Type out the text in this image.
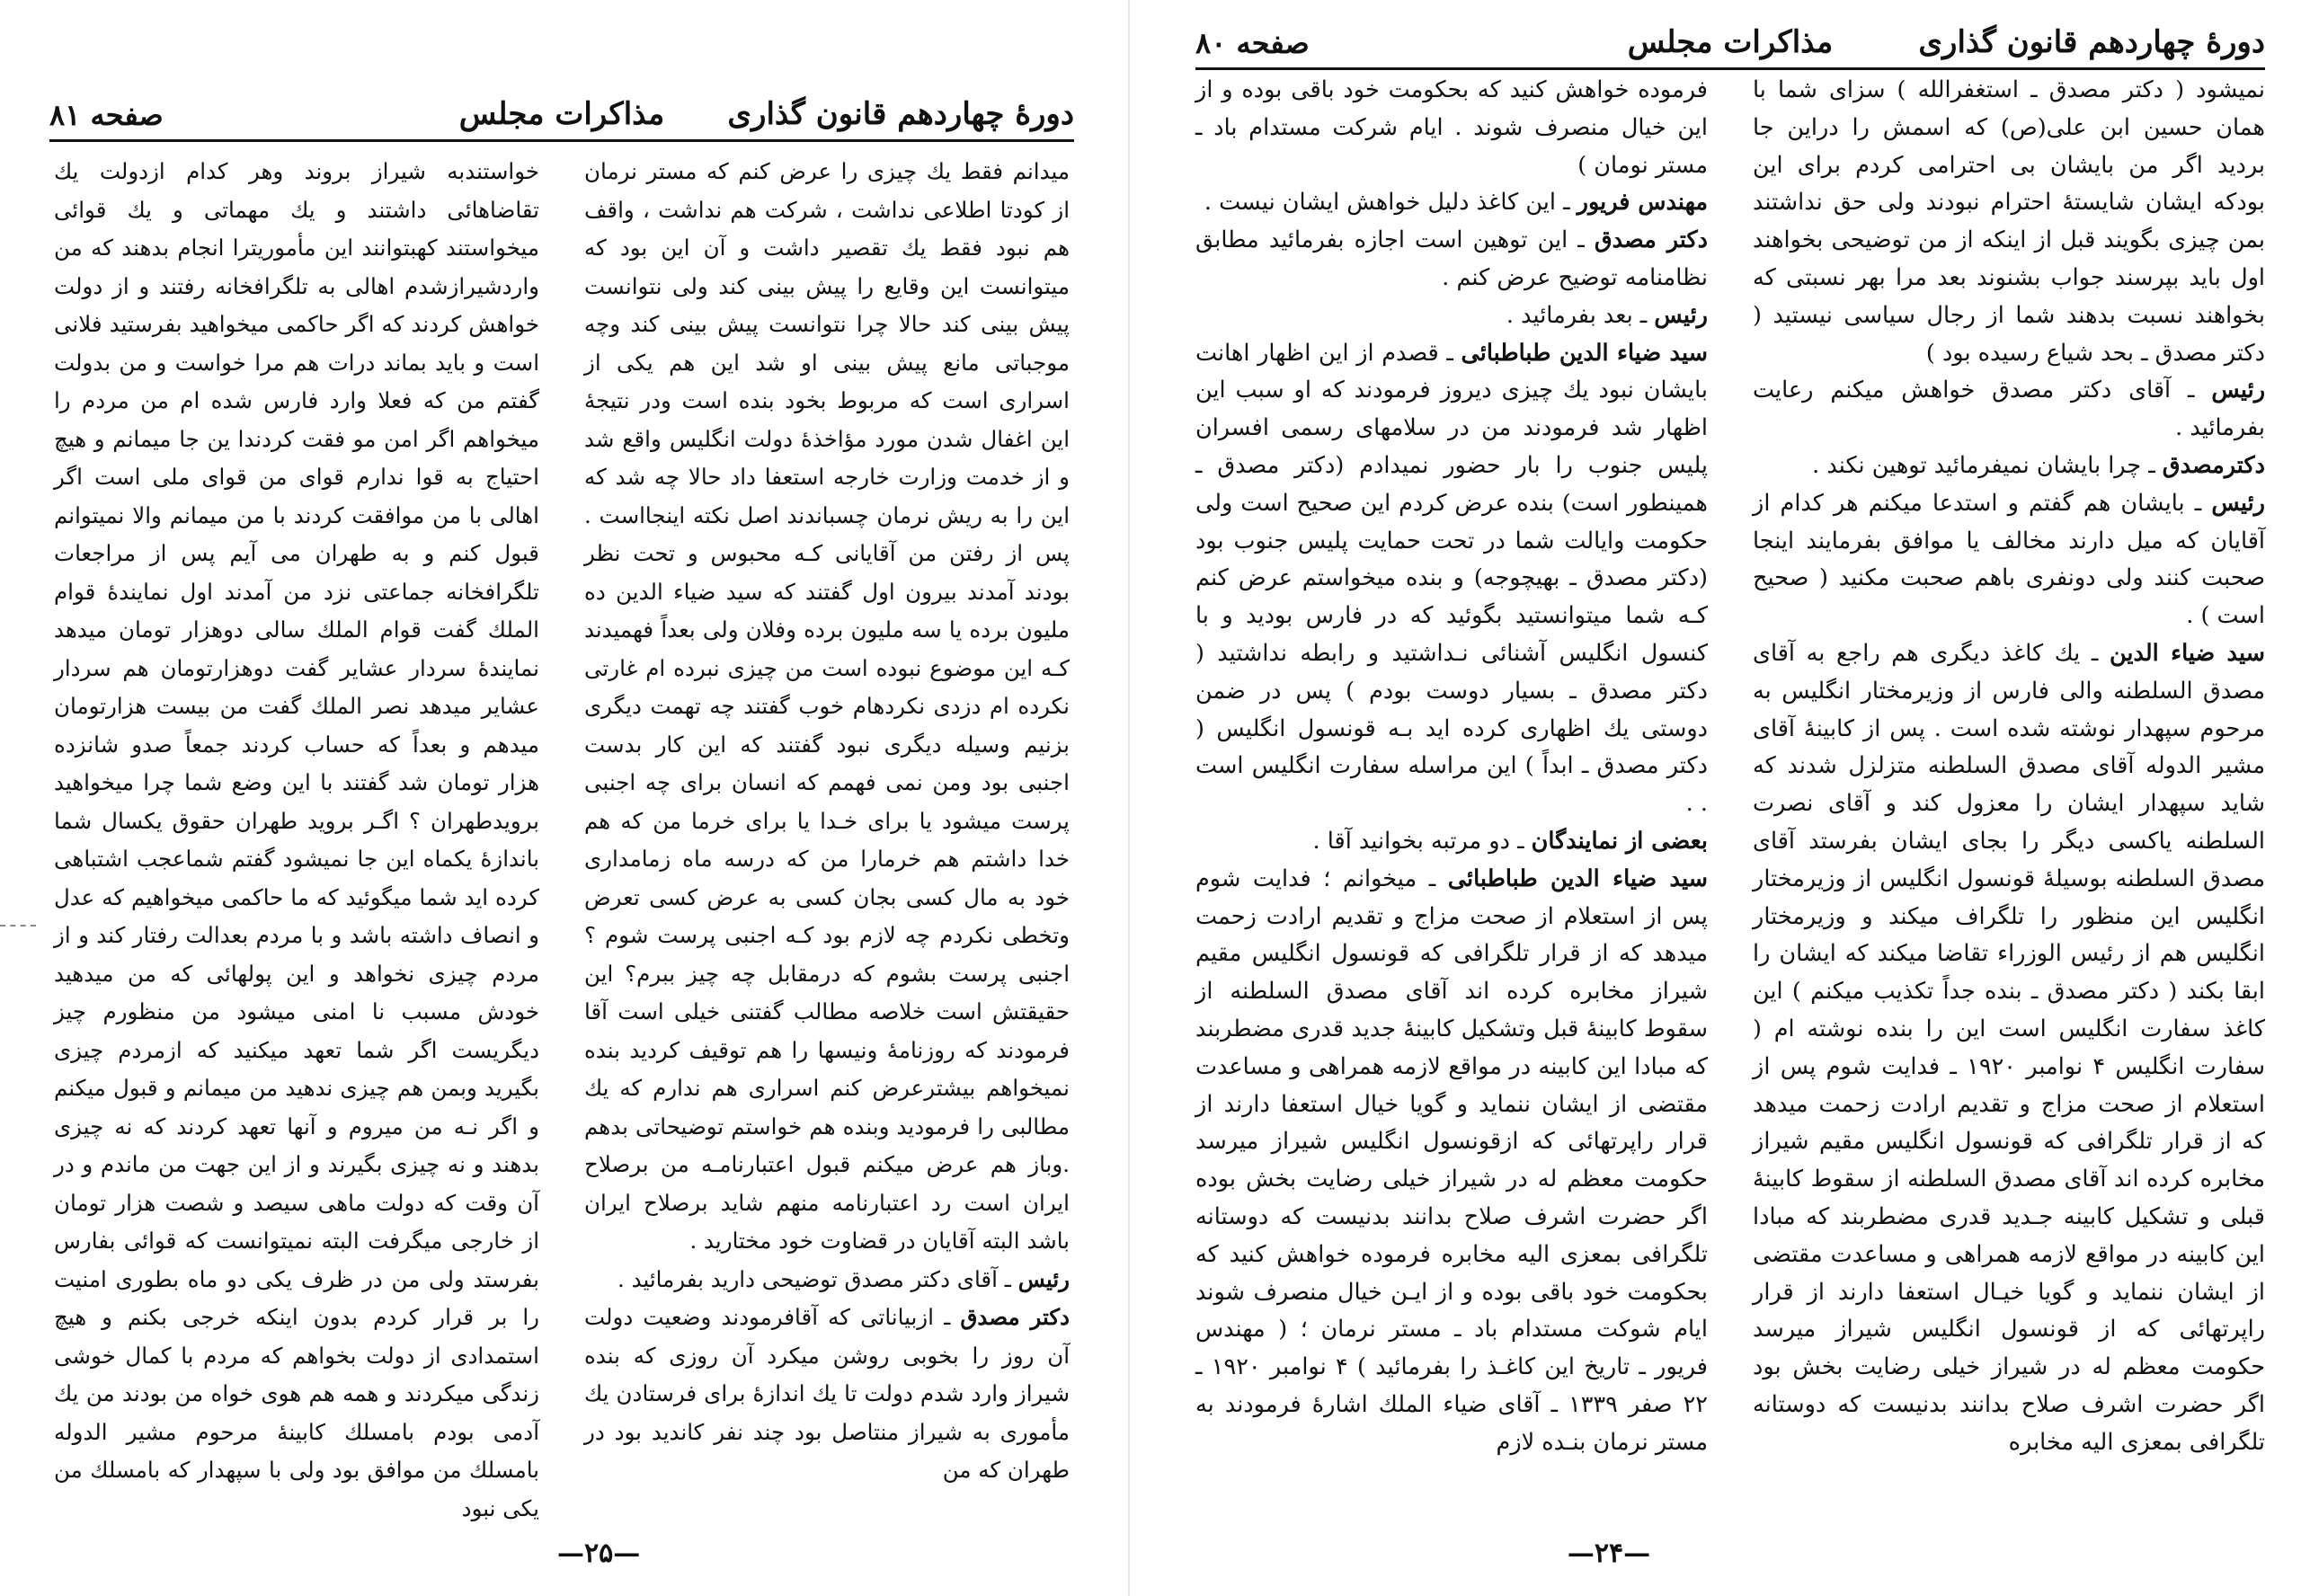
دورهٔ چهاردهم قانون گذاری
مذاکرات مجلس
صفحه ۸۱

میدانم فقط یك چیزی را عرض کنم که مستر نرمان از کودتا اطلاعی نداشت ، شرکت هم نداشت ، واقف هم نبود فقط یك تقصیر داشت و آن این بود که میتوانست این وقایع را پیش بینی کند ولی نتوانست پیش بینی کند حالا چرا نتوانست پیش بینی کند وچه موجباتی مانع پیش بینی او شد این هم یکی از اسراری است که مربوط بخود بنده است ودر نتیجهٔ این اغفال شدن مورد مؤاخذهٔ دولت انگلیس واقع شد و از خدمت وزارت خارجه استعفا داد حالا چه شد که این را به ریش نرمان چسباندند اصل نکته اینجااست . پس از رفتن من آقایانی کـه محبوس و تحت نظر بودند آمدند بیرون اول گفتند که سید ضیاء الدین ده ملیون برده یا سه ملیون برده وفلان ولی بعداً فهمیدند کـه این موضوع نبوده است من چیزی نبرده ام غارتی نکرده ام دزدی نکردهام خوب گفتند چه تهمت دیگری بزنیم وسیله دیگری نبود گفتند که این کار بدست اجنبی بود ومن نمی فهمم که انسان برای چه اجنبی پرست میشود یا برای خـدا یا برای خرما من که هم خدا داشتم هم خرمارا من که درسه ماه زمامداری خود به مال کسی بجان کسی به عرض کسی تعرض وتخطی نکردم چه لازم بود کـه اجنبی پرست شوم ؟ اجنبی پرست بشوم که درمقابل چه چیز ببرم؟ این حقیقتش است خلاصه مطالب گفتنی خیلی است آقا فرمودند که روزنامهٔ ونیسها را هم توقیف کردید بنده نمیخواهم بیشترعرض کنم اسراری هم ندارم که یك مطالبی را فرمودید وبنده هم خواستم توضیحاتی بدهم .وباز هم عرض میکنم قبول اعتبارنامـه من برصلاح ایران است رد اعتبارنامه منهم شاید برصلاح ایران باشد البته آقایان در قضاوت خود مختارید .

رئیس ـ آقای دکتر مصدق توضیحی دارید بفرمائید .

دکتر مصدق ـ ازبیاناتی که آقافرمودند وضعیت دولت آن روز را بخوبی روشن میکرد آن روزی که بنده شیراز وارد شدم دولت تا یك اندازهٔ برای فرستادن یك مأموری به شیراز منتاصل بود چند نفر کاندید بود در طهران که من

خواستندبه شیراز بروند وهر کدام ازدولت یك تقاضاهائی داشتند و یك مهماتی و یك قوائی میخواستند کهبتوانند این مأموریترا انجام بدهند که من واردشیرازشدم اهالی به تلگرافخانه رفتند و از دولت خواهش کردند که اگر حاکمی میخواهید بفرستید فلانی است و باید بماند درات هم مرا خواست و من بدولت گفتم من که فعلا وارد فارس شده ام من مردم را میخواهم اگر امن مو فقت کردندا ین جا میمانم و هیچ احتیاج به قوا ندارم قوای من قوای ملی است اگر اهالی با من موافقت کردند با من میمانم والا نمیتوانم قبول کنم و به طهران می آیم پس از مراجعات تلگرافخانه جماعتی نزد من آمدند اول نمایندهٔ قوام الملك گفت قوام الملك سالی دوهزار تومان میدهد نمایندهٔ سردار عشایر گفت دوهزارتومان هم سردار عشایر میدهد نصر الملك گفت من بیست هزارتومان میدهم و بعداً که حساب کردند جمعاً صدو شانزده هزار تومان شد گفتند با این وضع شما چرا میخواهید برویدطهران ؟ اگـر بروید طهران حقوق یکسال شما باندازهٔ یکماه این جا نمیشود گفتم شماعجب اشتباهی کرده اید شما میگوئید که ما حاکمی میخواهیم که عدل و انصاف داشته باشد و با مردم بعدالت رفتار کند و از مردم چیزی نخواهد و این پولهائی که من میدهید خودش مسبب نا امنی میشود من منظورم چیز دیگریست اگر شما تعهد میکنید که ازمردم چیزی بگیرید وبمن هم چیزی ندهید من میمانم و قبول میکنم و اگر نـه من میروم و آنها تعهد کردند که نه چیزی بدهند و نه چیزی بگیرند و از این جهت من ماندم و در آن وقت که دولت ماهی سیصد و شصت هزار تومان از خارجی میگرفت البته نمیتوانست که قوائی بفارس بفرستد ولی من در ظرف یکی دو ماه بطوری امنیت را بر قرار کردم بدون اینکه خرجی بکنم و هیچ استمدادی از دولت بخواهم که مردم با کمال خوشی زندگی میکردند و همه هم هوی خواه من بودند من یك آدمی بودم بامسلك کابینهٔ مرحوم مشیر الدوله بامسلك من موافق بود ولی با سپهدار که بامسلك من یکی نبود

—۲۵—
دورهٔ چهاردهم قانون گذاری
مذاکرات مجلس
صفحه ۸۰

نمیشود ( دکتر مصدق ـ استغفرالله ) سزای شما با همان حسین ابن علی(ص) که اسمش را دراین جا بردید اگر من بایشان بی احترامی کردم برای این بودکه ایشان شایستهٔ احترام نبودند ولی حق نداشتند بمن چیزی بگویند قبل از اینکه از من توضیحی بخواهند اول باید بپرسند جواب بشنوند بعد مرا بهر نسبتی که بخواهند نسبت بدهند شما از رجال سیاسی نیستید ( دکتر مصدق ـ بحد شیاع رسیده بود )

رئیس ـ آقای دکتر مصدق خواهش میکنم رعایت بفرمائید .

دکترمصدق ـ چرا بایشان نمیفرمائید توهین نکند .

رئیس ـ بایشان هم گفتم و استدعا میکنم هر کدام از آقایان که میل دارند مخالف یا موافق بفرمایند اینجا صحبت کنند ولی دونفری باهم صحبت مکنید ( صحیح است ) .

سید ضیاء الدین ـ یك کاغذ دیگری هم راجع به آقای مصدق السلطنه والی فارس از وزیرمختار انگلیس به مرحوم سپهدار نوشته شده است . پس از کابینهٔ آقای مشیر الدوله آقای مصدق السلطنه متزلزل شدند که شاید سپهدار ایشان را معزول کند و آقای نصرت السلطنه یاکسی دیگر را بجای ایشان بفرستد آقای مصدق السلطنه بوسیلهٔ قونسول انگلیس از وزیرمختار انگلیس این منظور را تلگراف میکند و وزیرمختار انگلیس هم از رئیس الوزراء تقاضا میکند که ایشان را ابقا بکند ( دکتر مصدق ـ بنده جداً تکذیب میکنم ) این کاغذ سفارت انگلیس است این را بنده نوشته ام ( سفارت انگلیس ۴ نوامبر ۱۹۲۰ ـ فدایت شوم پس از استعلام از صحت مزاج و تقدیم ارادت زحمت میدهد که از قرار تلگرافی که قونسول انگلیس مقیم شیراز مخابره کرده اند آقای مصدق السلطنه از سقوط کابینهٔ قبلی و تشکیل کابینه جـدید قدری مضطربند که مبادا این کابینه در مواقع لازمه همراهی و مساعدت مقتضی از ایشان ننماید و گویا خیـال استعفا دارند از قرار راپرتهائی که از قونسول انگلیس شیراز میرسد حکومت معظم له در شیراز خیلی رضایت بخش بود اگر حضرت اشرف صلاح بدانند بدنیست که دوستانه تلگرافی بمعزی الیه مخابره

فرموده خواهش کنید که بحکومت خود باقی بوده و از این خیال منصرف شوند . ایام شرکت مستدام باد ـ مستر نومان )

مهندس فریور ـ این کاغذ دلیل خواهش ایشان نیست .

دکتر مصدق ـ این توهین است اجازه بفرمائید مطابق نظامنامه توضیح عرض کنم .

رئیس ـ بعد بفرمائید .

سید ضیاء الدین طباطبائی ـ قصدم از این اظهار اهانت بایشان نبود یك چیزی دیروز فرمودند که او سبب این اظهار شد فرمودند من در سلامهای رسمی افسران پلیس جنوب را بار حضور نمیدادم (دکتر مصدق ـ همینطور است) بنده عرض کردم این صحیح است ولی حکومت وایالت شما در تحت حمایت پلیس جنوب بود (دکتر مصدق ـ بهیچوجه) و بنده میخواستم عرض کنم کـه شما میتوانستید بگوئید که در فارس بودید و با کنسول انگلیس آشنائی نـداشتید و رابطه نداشتید ( دکتر مصدق ـ بسیار دوست بودم ) پس در ضمن دوستی یك اظهاری کرده اید بـه قونسول انگلیس ( دکتر مصدق ـ ابداً ) این مراسله سفارت انگلیس است . .

بعضی از نمایندگان ـ دو مرتبه بخوانید آقا .

سید ضیاء الدین طباطبائی ـ میخوانم ؛ فدایت شوم پس از استعلام از صحت مزاج و تقدیم ارادت زحمت میدهد که از قرار تلگرافی که قونسول انگلیس مقیم شیراز مخابره کرده اند آقای مصدق السلطنه از سقوط کابینهٔ قبل وتشکیل کابینهٔ جدید قدری مضطربند که مبادا این کابینه در مواقع لازمه همراهی و مساعدت مقتضی از ایشان ننماید و گویا خیال استعفا دارند از قرار راپرتهائی که ازقونسول انگلیس شیراز میرسد حکومت معظم له در شیراز خیلی رضایت بخش بوده اگر حضرت اشرف صلاح بدانند بدنیست که دوستانه تلگرافی بمعزی الیه مخابره فرموده خواهش کنید که بحکومت خود باقی بوده و از ایـن خیال منصرف شوند ایام شوکت مستدام باد ـ مستر نرمان ؛ ( مهندس فریور ـ تاریخ این کاغـذ را بفرمائید ) ۴ نوامبر ۱۹۲۰ ـ ۲۲ صفر ۱۳۳۹ ـ آقای ضیاء الملك اشارهٔ فرمودند به مستر نرمان بنـده لازم

—۲۴—
